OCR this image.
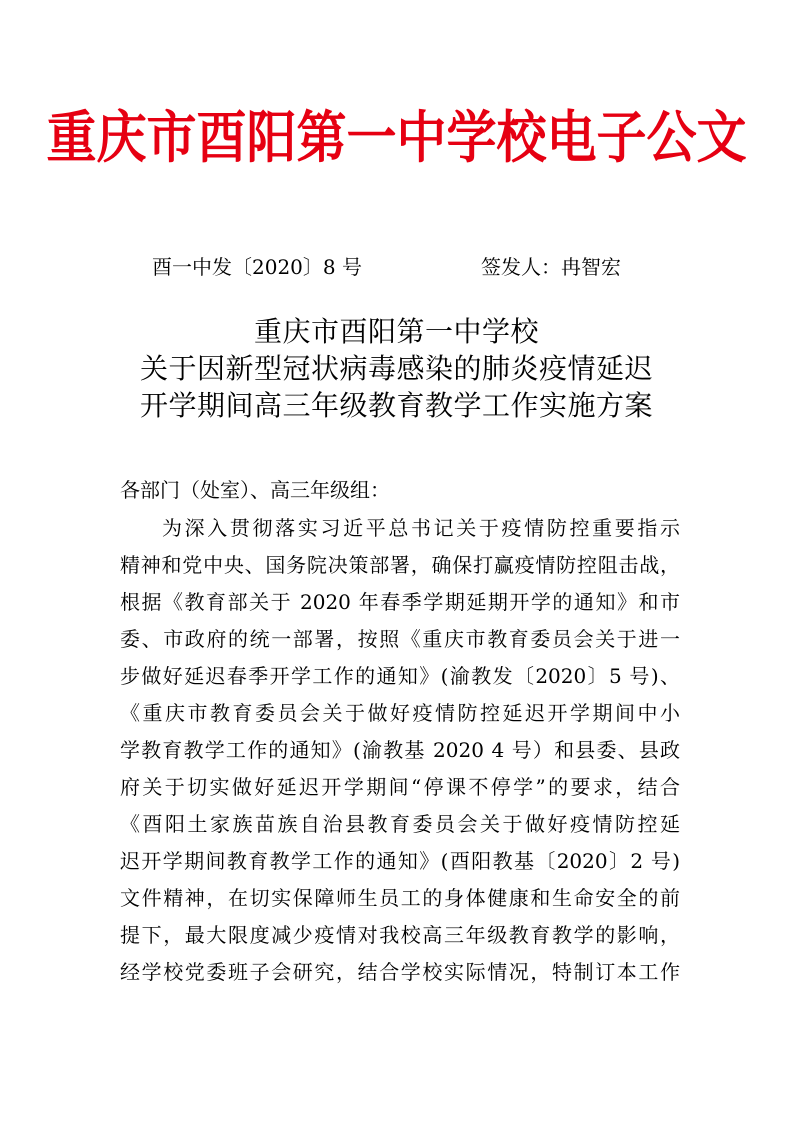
重庆市酉阳第一中学校电子公文
酉一中发〔2020〕8 号	签发人：冉智宏
重庆市酉阳第一中学校
关于因新型冠状病毒感染的肺炎疫情延迟
开学期间高三年级教育教学工作实施方案
各部门（处室）、高三年级组：
为深入贯彻落实习近平总书记关于疫情防控重要指示
精神和党中央、国务院决策部署，确保打赢疫情防控阻击战，
根据《教育部关于 2020 年春季学期延期开学的通知》和市
委、市政府的统一部署，按照《重庆市教育委员会关于进一
步做好延迟春季开学工作的通知》(渝教发〔2020〕5 号)、
《重庆市教育委员会关于做好疫情防控延迟开学期间中小
学教育教学工作的通知》(渝教基 2020 4 号）和县委、县政
府关于切实做好延迟开学期间“停课不停学”的要求，结合
《酉阳土家族苗族自治县教育委员会关于做好疫情防控延
迟开学期间教育教学工作的通知》(酉阳教基〔2020〕2 号)
文件精神，在切实保障师生员工的身体健康和生命安全的前
提下，最大限度减少疫情对我校高三年级教育教学的影响，
经学校党委班子会研究，结合学校实际情况，特制订本工作
